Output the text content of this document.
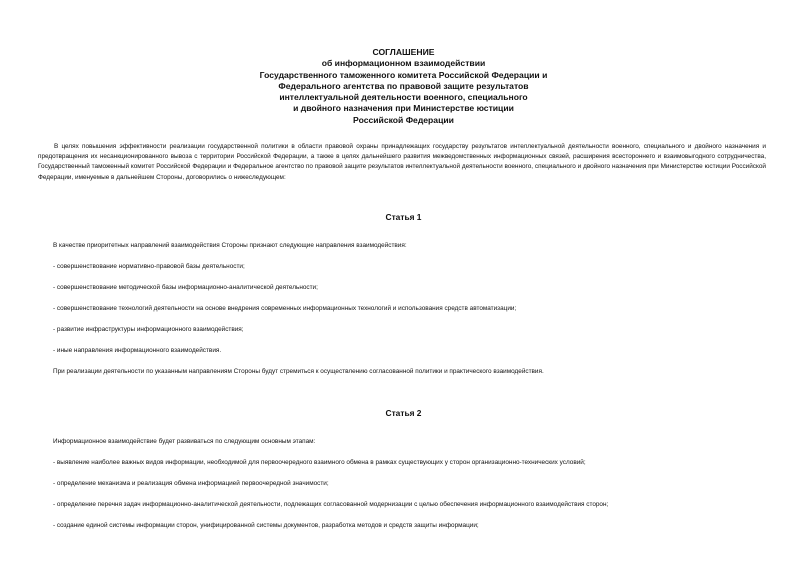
СОГЛАШЕНИЕ
об информационном взаимодействии
Государственного таможенного комитета Российской Федерации и
Федерального агентства по правовой защите результатов
интеллектуальной деятельности военного, специального
и двойного назначения при Министерстве юстиции
Российской Федерации
В целях повышения эффективности реализации государственной политики в области правовой охраны принадлежащих государству результатов интеллектуальной деятельности военного, специального и двойного назначения и предотвращения их несанкционированного вывоза с территории Российской Федерации, а также в целях дальнейшего развития межведомственных информационных связей, расширения всестороннего и взаимовыгодного сотрудничества, Государственный таможенный комитет Российской Федерации и Федеральное агентство по правовой защите результатов интеллектуальной деятельности военного, специального и двойного назначения при Министерстве юстиции Российской Федерации, именуемые в дальнейшем Стороны, договорились о нижеследующем:
Статья 1
В качестве приоритетных направлений взаимодействия Стороны признают следующие направления взаимодействия:
- совершенствование нормативно-правовой базы деятельности;
- совершенствование методической базы информационно-аналитической деятельности;
- совершенствование технологий деятельности на основе внедрения современных информационных технологий и использования средств автоматизации;
- развитие инфраструктуры информационного взаимодействия;
- иные направления информационного взаимодействия.
При реализации деятельности по указанным направлениям Стороны будут стремиться к осуществлению согласованной политики и практического взаимодействия.
Статья 2
Информационное взаимодействие будет развиваться по следующим основным этапам:
- выявление наиболее важных видов информации, необходимой для первоочередного взаимного обмена в рамках существующих у сторон организационно-технических условий;
- определение механизма и реализация обмена информацией первоочередной значимости;
- определение перечня задач информационно-аналитической деятельности, подлежащих согласованной модернизации с целью обеспечения информационного взаимодействия сторон;
- создание единой системы информации сторон, унифицированной системы документов, разработка методов и средств защиты информации;
